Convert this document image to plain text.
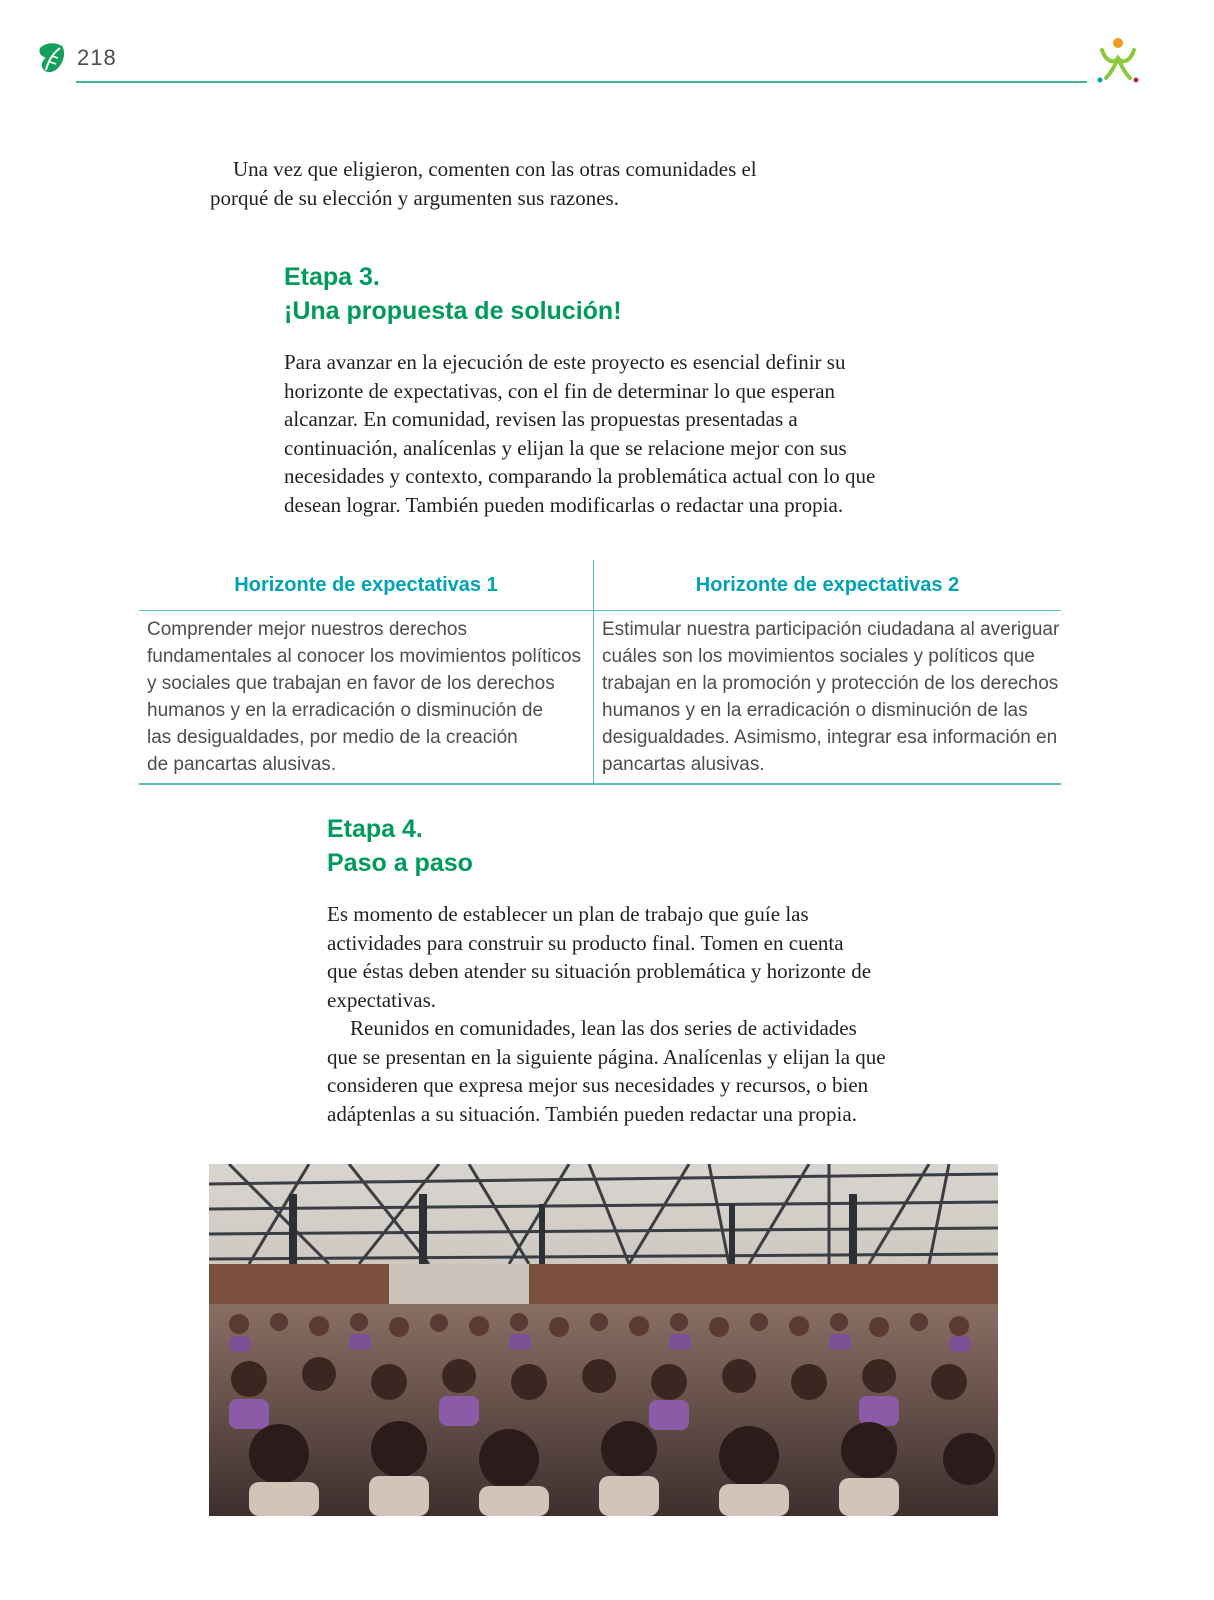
218
Una vez que eligieron, comenten con las otras comunidades el
porqué de su elección y argumenten sus razones.
Etapa 3.
¡Una propuesta de solución!
Para avanzar en la ejecución de este proyecto es esencial definir su
horizonte de expectativas, con el fin de determinar lo que esperan
alcanzar. En comunidad, revisen las propuestas presentadas a
continuación, analícenlas y elijan la que se relacione mejor con sus
necesidades y contexto, comparando la problemática actual con lo que
desean lograr. También pueden modificarlas o redactar una propia.
Horizonte de expectativas 1	Horizonte de expectativas 2
Comprender mejor nuestros derechos
fundamentales al conocer los movimientos políticos
y sociales que trabajan en favor de los derechos
humanos y en la erradicación o disminución de
las desigualdades, por medio de la creación
de pancartas alusivas.
Estimular nuestra participación ciudadana al averiguar
cuáles son los movimientos sociales y políticos que
trabajan en la promoción y protección de los derechos
humanos y en la erradicación o disminución de las
desigualdades. Asimismo, integrar esa información en
pancartas alusivas.
Etapa 4.
Paso a paso
Es momento de establecer un plan de trabajo que guíe las
actividades para construir su producto final. Tomen en cuenta
que éstas deben atender su situación problemática y horizonte de
expectativas.
Reunidos en comunidades, lean las dos series de actividades
que se presentan en la siguiente página. Analícenlas y elijan la que
consideren que expresa mejor sus necesidades y recursos, o bien
adáptenlas a su situación. También pueden redactar una propia.
